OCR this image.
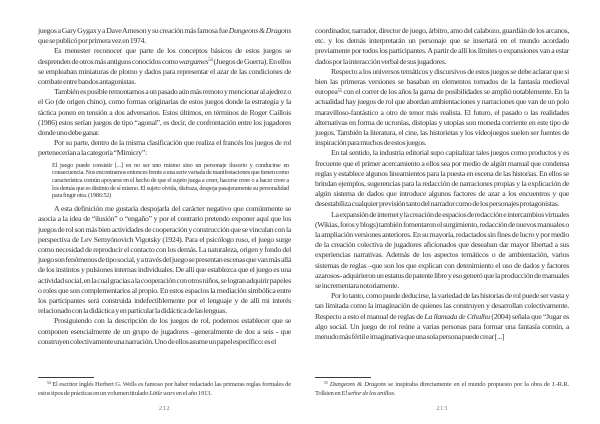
juegos a Gary Gygax y a Dave Arneson y su creación más famosa fue Dungeons & Dragons que se publicó por primera vez en 1974.

Es menester reconocer que parte de los conceptos básicos de estos juegos se desprenden de otros más antiguos conocidos como wargames$^{54}$ (Juegos de Guerra). En ellos se empleaban miniaturas de plomo y dados para representar el azar de las condiciones de combate entre bandos antagonistas.

También es posible remontarnos a un pasado aún más remoto y mencionar al ajedrez o el Go (de origen chino), como formas originarias de estos juegos donde la estrategia y la táctica ponen en tensión a dos adversarios. Estos últimos, en términos de Roger Caillois (1986) estos serían juegos de tipo “agonal”, es decir, de confrontación entre los jugadores donde uno debe ganar.

Por su parte, dentro de la misma clasificación que realiza el francés los juegos de rol pertenecerían a la categoría “Mimicry”:

El juego puede consistir [...] en no ser uno mismo sino un personaje ilusorio y conducirse en consecuencia. Nos encontramos entonces frente a una serie variada de manifestaciones que tienen como característica común apoyarse en el hecho de que el sujeto juega a creer, hacerse creer o a hacer creer a los demás que es distinto de sí mismo. El sujeto olvida, disfraza, despoja pasajeramente su personalidad para fingir otra. (1986:52)

A esta definición me gustaría despojarla del carácter negativo que comúnmente se asocia a la idea de “ilusión” o “engaño” y por el contrario pretendo exponer aquí que los juegos de rol son más bien actividades de cooperación y construcción que se vinculan con la perspectiva de Lev Semyónovich Vigotsky (1924). Para el psicólogo ruso, el juego surge como necesidad de reproducir el contacto con los demás. La naturaleza, origen y fondo del juego son fenómenos de tipo social, y a través del juego se presentan escenas que van más allá de los instintos y pulsiones internas individuales. De allí que establezca que el juego es una actividad social, en la cual gracias a la cooperación con otros niños, se logran adquirir papeles o roles que son complementarios al propio. En estos espacios la mediación simbólica entre los participantes será construida indefectiblemente por el lenguaje y de allí mi interés relacionado con la didáctica y en particular la didáctica de las lenguas.

Prosiguiendo con la descripción de los juegos de rol, podemos establecer que se componen esencialmente de un grupo de jugadores –generalmente de dos a seis - que construyen colectivamente una narración. Uno de ellos asume un papel específico: es el

$^{54}$ El escritor inglés Herbert G. Wells es famoso por haber redactado las primeras reglas formales de estos tipos de prácticas en un volumen titulado Little wars en el año 1913.

212

coordinador, narrador, director de juego, árbitro, amo del calabozo, guardián de los arcanos, etc. y los demás interpretarán un personaje que se insertará en el mundo acordado previamente por todos los participantes. A partir de allí los límites o expansiones van a estar dados por la interacción verbal de sus jugadores.

Respecto a los universos temáticos y discursivos de estos juegos se debe aclarar que si bien las primeras versiones se basaban en elementos tomados de la fantasía medieval europea$^{55}$ con el correr de los años la gama de posibilidades se amplió notablemente. En la actualidad hay juegos de rol que abordan ambientaciones y narraciones que van de un polo maravilloso-fantástico a otro de tenor más realista. El futuro, el pasado o las realidades alternativas en forma de ucronías, distopías y utopías son moneda corriente en este tipo de juegos. También la literatura, el cine, las historietas y los videojuegos suelen ser fuentes de inspiración para muchos de estos juegos.

En tal sentido, la industria editorial supo capitalizar tales juegos como productos y es frecuente que el primer acercamiento a ellos sea por medio de algún manual que condensa reglas y establece algunos lineamientos para la puesta en escena de las historias. En ellos se brindan ejemplos, sugerencias para la redacción de narraciones propias y la explicación de algún sistema de dados que introduce algunos factores de azar a los encuentros y que desestabiliza cualquier previsión tanto del narrador como de los personajes protagonistas.

La expansión de internet y la creación de espacios de redacción e intercambios virtuales (Wikias, foros y blogs) también fomentaron el surgimiento, redacción de nuevos manuales o la ampliación versiones anteriores. En su mayoría, redactados sin fines de lucro y por medio de la creación colectiva de jugadores aficionados que deseaban dar mayor libertad a sus experiencias narrativas. Además de los aspectos temáticos o de ambientación, varios sistemas de reglas –que son los que explican con detenimiento el uso de dados y factores azarosos- adquirieron un estatus de patente libre y eso generó que la producción de manuales se incrementara notoriamente.

Por lo tanto, como puede deducirse, la variedad de las historias de rol puede ser vasta y tan limitada como la imaginación de quienes las construyen y desarrollan colectivamente. Respecto a esto el manual de reglas de La llamada de Cthulhu (2004) señala que “Jugar es algo social. Un juego de rol reúne a varias personas para formar una fantasía común, a menudo más fértil e imaginativa que una sola persona puede crear [...]

$^{55}$ Dungeons & Dragons se inspiraba directamente en el mundo propuesto por la obra de J.-R.R. Tolkien en El señor de los anillos.

213
